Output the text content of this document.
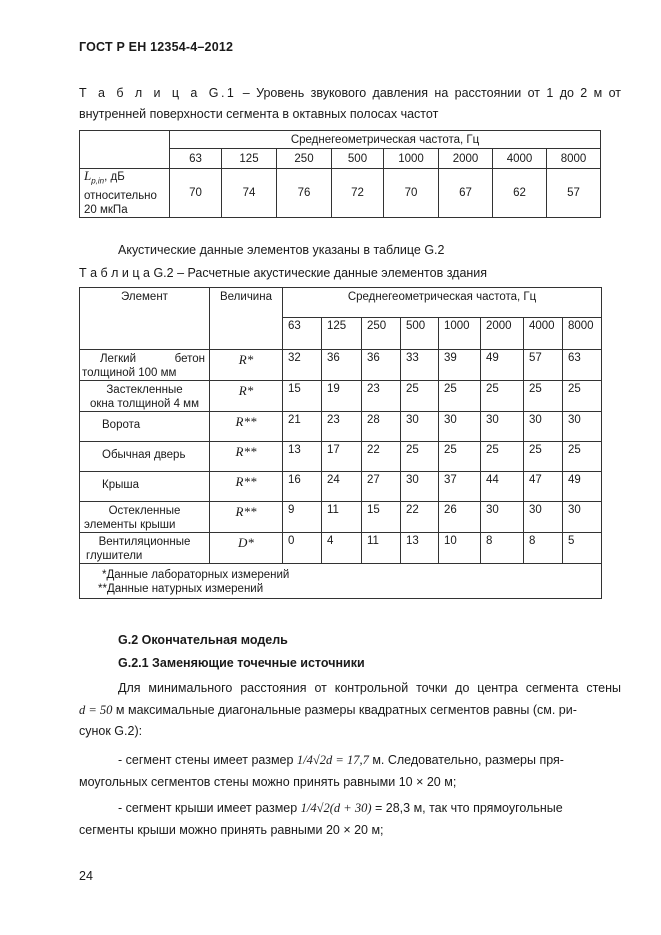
ГОСТ Р ЕН 12354-4–2012
Т а б л и ц а G.1 – Уровень звукового давления на расстоянии от 1 до 2 м от
внутренней поверхности сегмента в октавных полосах частот
	Среднегеометрическая частота, Гц							
	63	125	250	500	1000	2000	4000	8000
$L_{p,in}$, дБ
относительно
20 мкПа	70	74	76	72	70	67	62	57
Акустические данные элементов указаны в таблице G.2
Т а б л и ц а G.2 – Расчетные акустические данные элементов здания
Элемент	Величина	Среднегеометрическая частота, Гц							
		63	125	250	500	1000	2000	4000	8000

Легкий бетон
толщиной 100 мм	R*	32	36	36	33	39	49	57	63

Застекленные
окна толщиной 4 мм	R*	15	19	23	25	25	25	25	25

Ворота	R**	21	23	28	30	30	30	30	30

Обычная дверь	R**	13	17	22	25	25	25	25	25

Крыша	R**	16	24	27	30	37	44	47	49

Остекленные
элементы крыши	R**	9	11	15	22	26	30	30	30

Вентиляционные
глушители	D*	0	4	11	13	10	8	8	5

*Данные лабораторных измерений
**Данные натурных измерений									
G.2 Окончательная модель
G.2.1 Заменяющие точечные источники
Для минимального расстояния от контрольной точки до центра сегмента стены
d = 50 м максимальные диагональные размеры квадратных сегментов равны (см. ри-
сунок G.2):
- сегмент стены имеет размер 1/4√2d = 17,7 м. Следовательно, размеры пря-
моугольных сегментов стены можно принять равными 10 × 20 м;
- сегмент крыши имеет размер 1/4√2(d + 30) = 28,3 м, так что прямоугольные
сегменты крыши можно принять равными 20 × 20 м;
24
